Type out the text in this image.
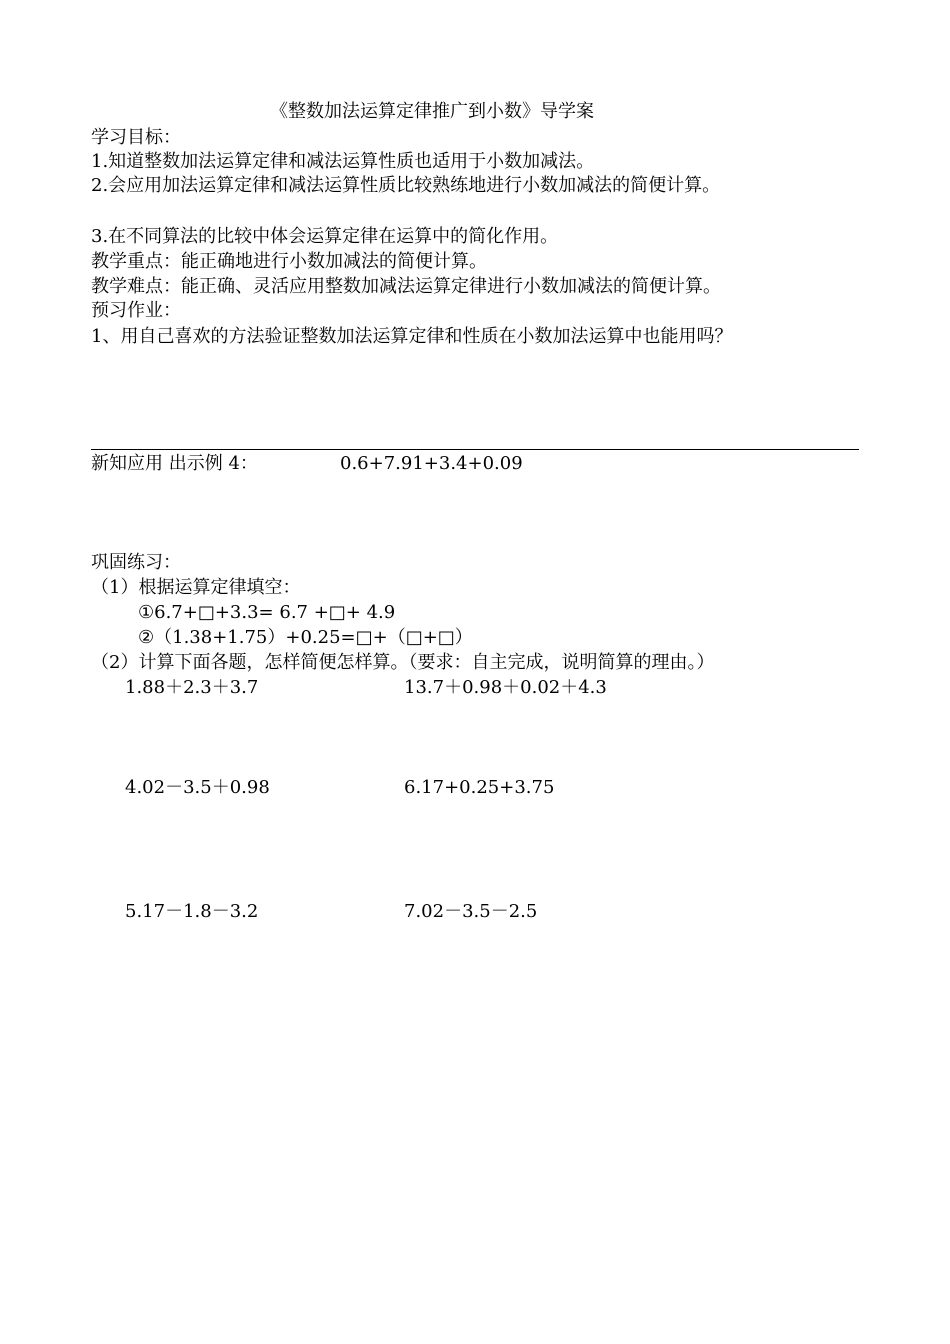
《整数加法运算定律推广到小数》导学案
学习目标：
1.知道整数加法运算定律和减法运算性质也适用于小数加减法。
2.会应用加法运算定律和减法运算性质比较熟练地进行小数加减法的简便计算。
3.在不同算法的比较中体会运算定律在运算中的简化作用。
教学重点：能正确地进行小数加减法的简便计算。
教学难点：能正确、灵活应用整数加减法运算定律进行小数加减法的简便计算。
预习作业：
1、用自己喜欢的方法验证整数加法运算定律和性质在小数加法运算中也能用吗？
新知应用 出示例 4：	0.6+7.91+3.4+0.09
巩固练习：
（1）根据运算定律填空：
①6.7+□+3.3= 6.7 +□+ 4.9
②（1.38+1.75）+0.25=□+（□+□）
（2）计算下面各题，怎样简便怎样算。（要求：自主完成，说明简算的理由。）
1.88＋2.3＋3.7	13.7＋0.98＋0.02＋4.3
4.02－3.5＋0.98	6.17+0.25+3.75
5.17－1.8－3.2	7.02－3.5－2.5
